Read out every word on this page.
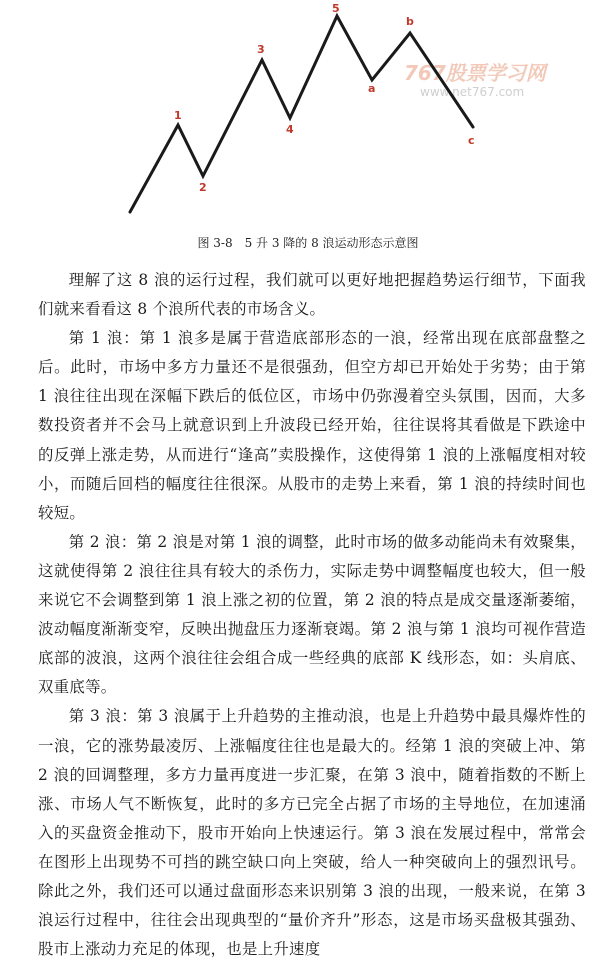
767股票学习网
www.net767.com
1
2
3
4
5
a
b
c
图 3-8　5 升 3 降的 8 浪运动形态示意图

理解了这 8 浪的运行过程，我们就可以更好地把握趋势运行细节，下面我们就来看看这 8 个浪所代表的市场含义。

第 1 浪：第 1 浪多是属于营造底部形态的一浪，经常出现在底部盘整之后。此时，市场中多方力量还不是很强劲，但空方却已开始处于劣势；由于第 1 浪往往出现在深幅下跌后的低位区，市场中仍弥漫着空头氛围，因而，大多数投资者并不会马上就意识到上升波段已经开始，往往误将其看做是下跌途中的反弹上涨走势，从而进行“逢高”卖股操作，这使得第 1 浪的上涨幅度相对较小，而随后回档的幅度往往很深。从股市的走势上来看，第 1 浪的持续时间也较短。

第 2 浪：第 2 浪是对第 1 浪的调整，此时市场的做多动能尚未有效聚集，这就使得第 2 浪往往具有较大的杀伤力，实际走势中调整幅度也较大，但一般来说它不会调整到第 1 浪上涨之初的位置，第 2 浪的特点是成交量逐渐萎缩，波动幅度渐渐变窄，反映出抛盘压力逐渐衰竭。第 2 浪与第 1 浪均可视作营造底部的波浪，这两个浪往往会组合成一些经典的底部 K 线形态，如：头肩底、双重底等。

第 3 浪：第 3 浪属于上升趋势的主推动浪，也是上升趋势中最具爆炸性的一浪，它的涨势最凌厉、上涨幅度往往也是最大的。经第 1 浪的突破上冲、第 2 浪的回调整理，多方力量再度进一步汇聚，在第 3 浪中，随着指数的不断上涨、市场人气不断恢复，此时的多方已完全占据了市场的主导地位，在加速涌入的买盘资金推动下，股市开始向上快速运行。第 3 浪在发展过程中，常常会在图形上出现势不可挡的跳空缺口向上突破，给人一种突破向上的强烈讯号。除此之外，我们还可以通过盘面形态来识别第 3 浪的出现，一般来说，在第 3 浪运行过程中，往往会出现典型的“量价齐升”形态，这是市场买盘极其强劲、股市上涨动力充足的体现，也是上升速度
